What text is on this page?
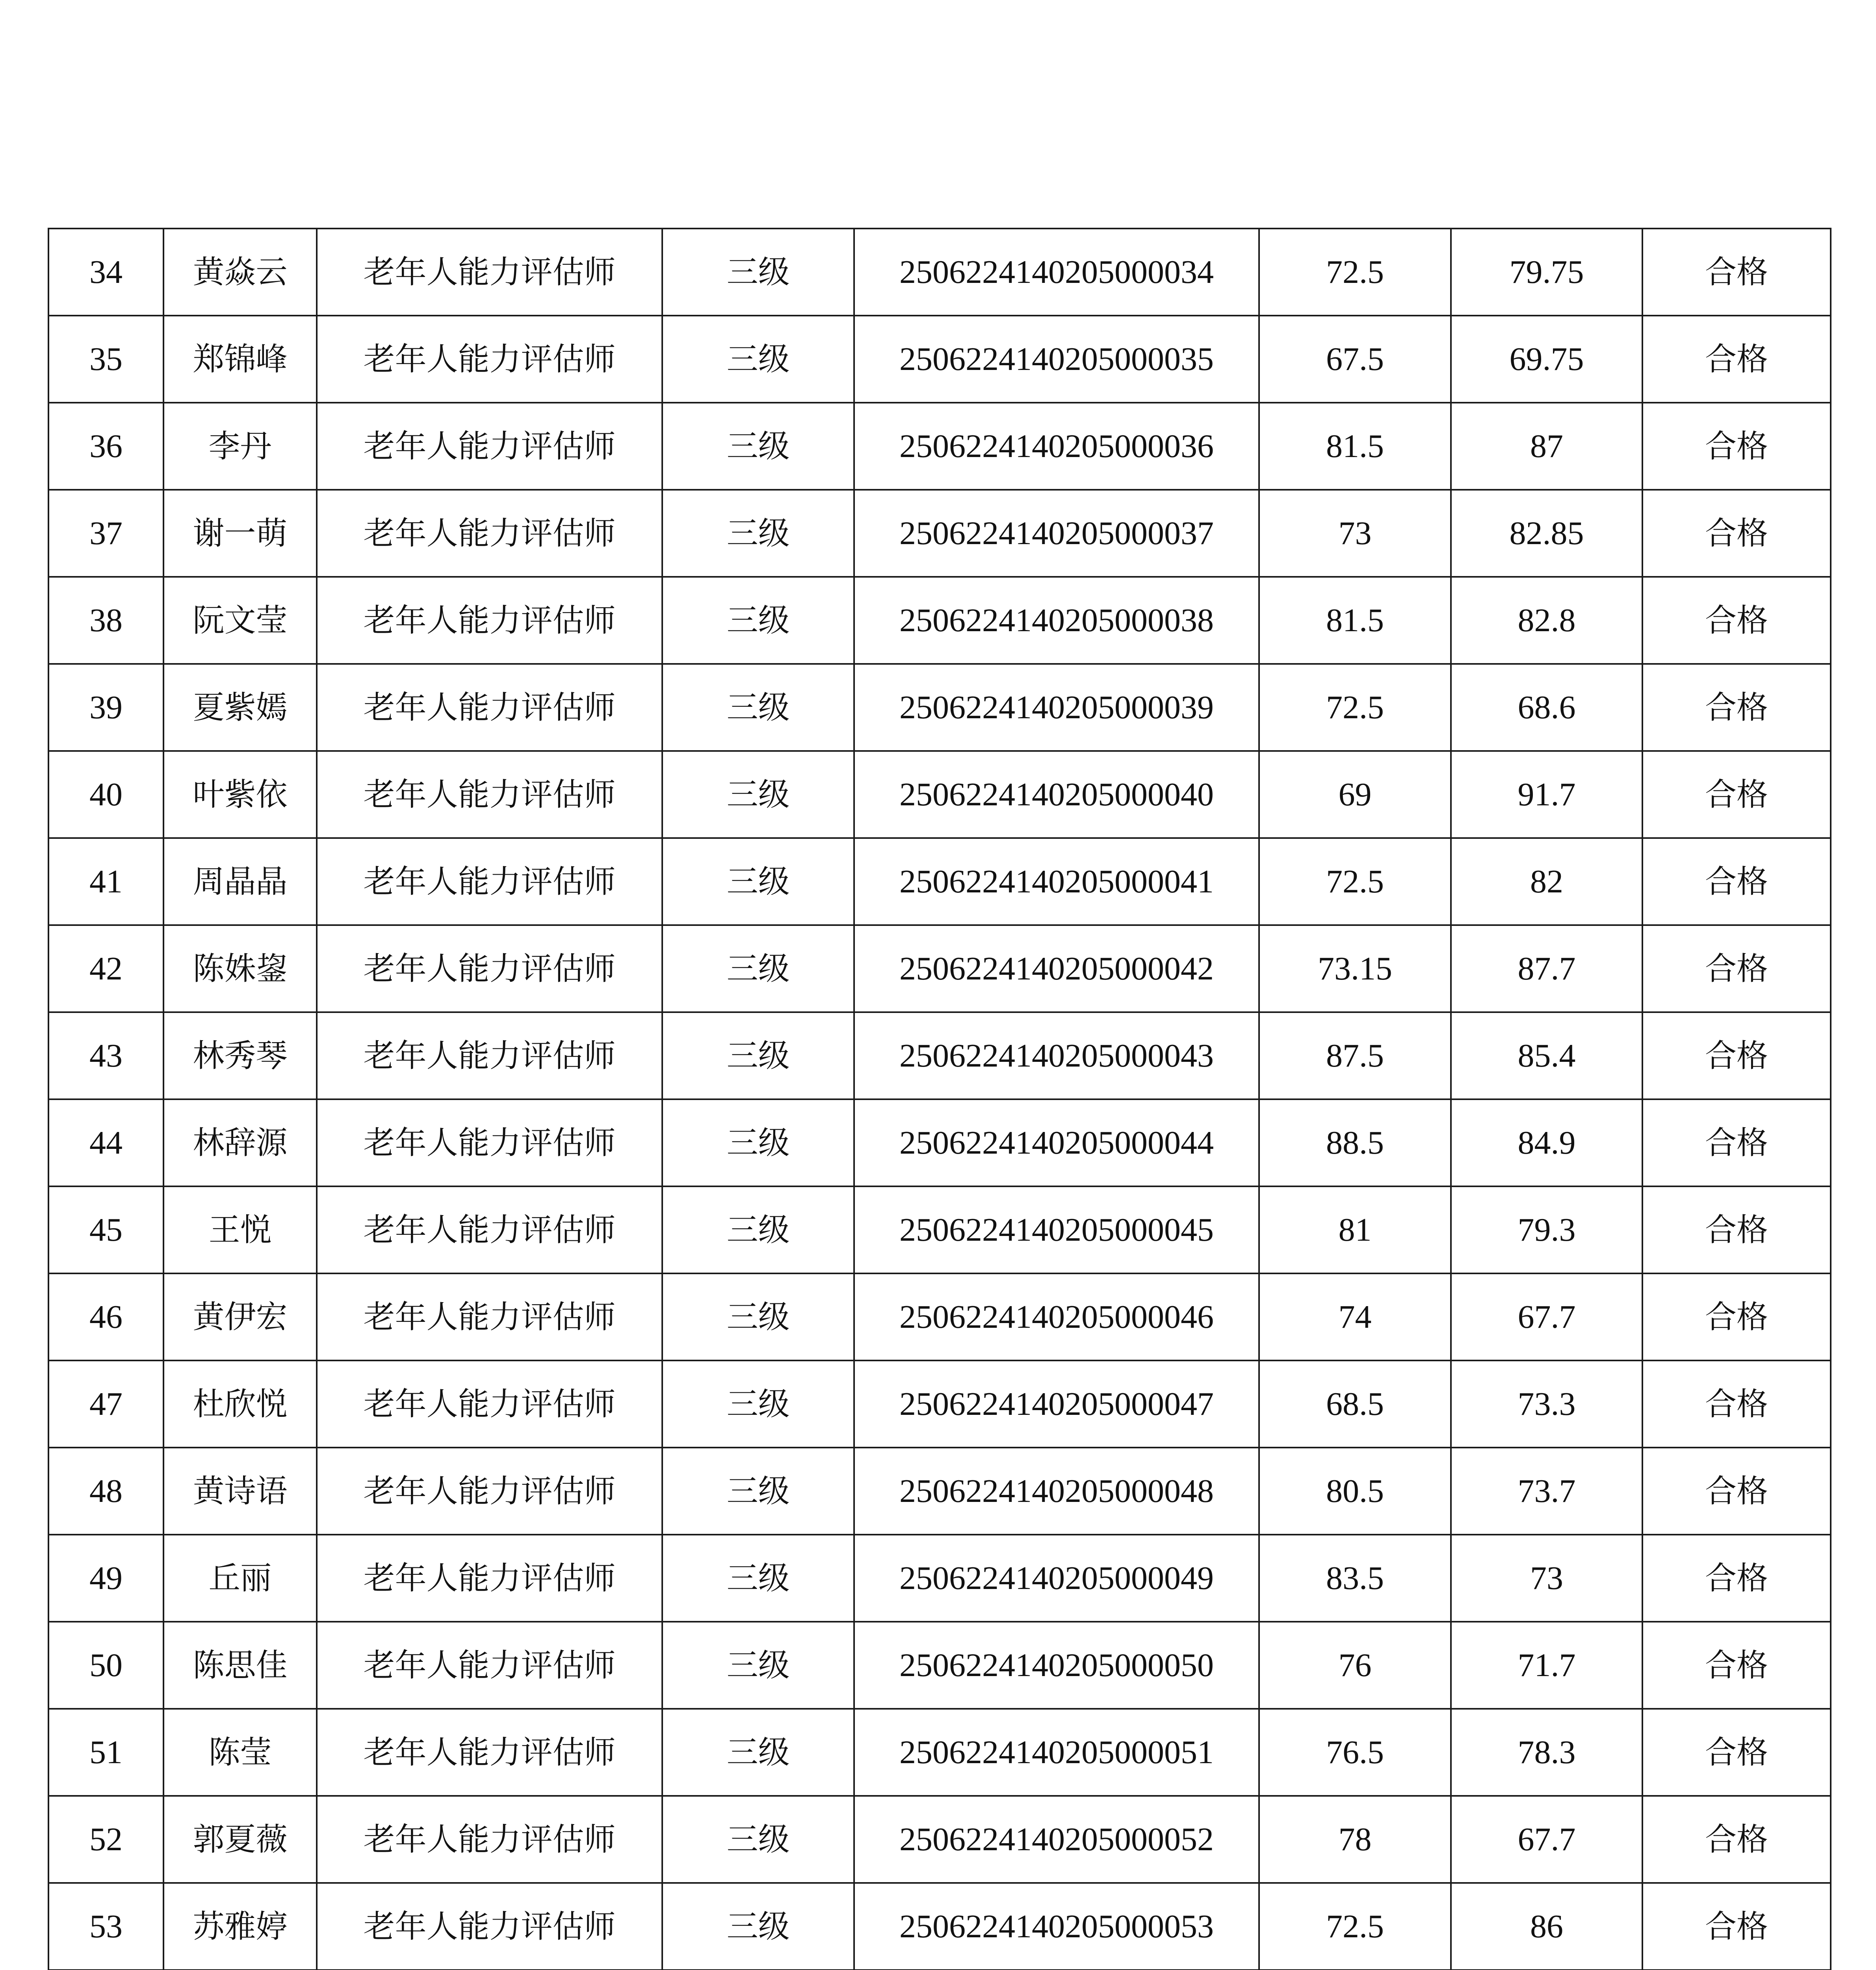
34	黄焱云	老年人能力评估师	三级	2506224140205000034	72.5	79.75	合格
35	郑锦峰	老年人能力评估师	三级	2506224140205000035	67.5	69.75	合格
36	李丹	老年人能力评估师	三级	2506224140205000036	81.5	87	合格
37	谢一萌	老年人能力评估师	三级	2506224140205000037	73	82.85	合格
38	阮文莹	老年人能力评估师	三级	2506224140205000038	81.5	82.8	合格
39	夏紫嫣	老年人能力评估师	三级	2506224140205000039	72.5	68.6	合格
40	叶紫依	老年人能力评估师	三级	2506224140205000040	69	91.7	合格
41	周晶晶	老年人能力评估师	三级	2506224140205000041	72.5	82	合格
42	陈姝鋆	老年人能力评估师	三级	2506224140205000042	73.15	87.7	合格
43	林秀琴	老年人能力评估师	三级	2506224140205000043	87.5	85.4	合格
44	林辞源	老年人能力评估师	三级	2506224140205000044	88.5	84.9	合格
45	王悦	老年人能力评估师	三级	2506224140205000045	81	79.3	合格
46	黄伊宏	老年人能力评估师	三级	2506224140205000046	74	67.7	合格
47	杜欣悦	老年人能力评估师	三级	2506224140205000047	68.5	73.3	合格
48	黄诗语	老年人能力评估师	三级	2506224140205000048	80.5	73.7	合格
49	丘丽	老年人能力评估师	三级	2506224140205000049	83.5	73	合格
50	陈思佳	老年人能力评估师	三级	2506224140205000050	76	71.7	合格
51	陈莹	老年人能力评估师	三级	2506224140205000051	76.5	78.3	合格
52	郭夏薇	老年人能力评估师	三级	2506224140205000052	78	67.7	合格
53	苏雅婷	老年人能力评估师	三级	2506224140205000053	72.5	86	合格
